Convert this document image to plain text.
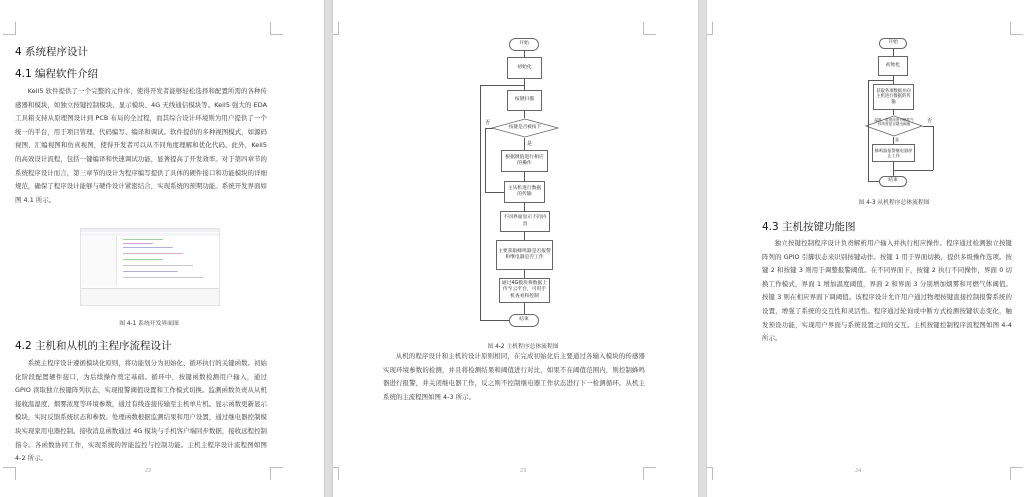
4 系统程序设计
4.1 编程软件介绍
Keil5 软件提供了一个完整的元件库，使得开发者能够轻松选择和配置所需的各种传感器和模块，如独立按键控制模块、显示模块、4G 无线通信模块等。Keil5 强大的 EDA 工具箱支持从原理图设计到 PCB 布局的全过程，而其综合设计环境则为用户提供了一个统一的平台，用于项目管理、代码编写、编译和调试。软件提供的多种视图模式，如源码视图、汇编视图和仿真视图，使得开发者可以从不同角度理解和优化代码。此外，Keil5 的高效设计流程，包括一键编译和快速调试功能，显著提高了开发效率。对于第四章节的系统程序设计而言，第三章节的设计为程序编写提供了具体的硬件接口和功能模块的详细规范，确保了程序设计能够与硬件设计紧密结合，实现系统的预期功能。系统开发界面如图 4.1 所示。
图 4-1 系统开发界面图
4.2 主机和从机的主程序流程设计
系统主程序设计遵循模块化原则，将功能划分为初始化、循环执行的关键函数。初始化阶段配置硬件接口，为后续操作奠定基础。循环中，按键函数检测用户输入，通过 GPIO 读取独立按键阵列状态，实现报警阈值设置和工作模式切换。监测函数负责从从机接收温湿度、烟雾浓度等环境参数，通过有线连接传输至主机单片机。显示函数更新显示模块，实时反馈系统状态和参数。处理函数根据监测结果和用户设置，通过继电器控制模块实现家用电器控制。接收消息函数通过 4G 模块与手机客户端同步数据，接收远程控制指令。各函数协同工作，实现系统的智能监控与控制功能。主机主程序设计流程图如图 4-2 所示。
22
开始
初始化
按键扫描
按键是否被按下
否
是
根据键值进行相应的操作
主从机进行数据的传输
不同界面显示不同内容
主要获取蜂鸣器是否报警和继电器是否工作
通过4G模块将数据上传至云平台，可用手机查看和控制
结束
图 4-2 主机程序总体流程图
从机的程序设计和主机的设计原则相同，在完成初始化后主要通过各输入模块的传感器实现环境参数的检测，并且将检测结果和阈值进行对比，如果不在阈值范围内，则控制蜂鸣器进行报警，并关闭继电器工作，反之则不控制继电器工作状态进行下一检测循环。从机主系统的主流程图如图 4-3 所示。
23
开始
初始化
获取各项数据并向主机进行数据的传输
温度、湿度浓度可燃性气体浓度是否超出阈值
否
是
蜂鸣器报警继电器停止工作
结束
图 4-3 从机程序总体流程图
4.3 主机按键功能图
独立按键控制程序设计负责解析用户输入并执行相应操作。程序通过检测独立按键阵列的 GPIO 引脚状态来识别按键动作。按键 1 用于界面切换，提供多级操作选项。按键 2 和按键 3 则用于调整报警阈值。在不同界面下，按键 2 执行不同操作，界面 0 切换工作模式，界面 1 增加温度阈值，界面 2 和界面 3 分别增加烟雾和可燃气体阈值。按键 3 则在相应界面下调阈值。该程序设计允许用户通过物理按键直接控制报警系统的设置，增强了系统的交互性和灵活性。程序通过轮询或中断方式检测按键状态变化，触发预设功能，实现用户界面与系统设置之间的交互。主机按键控制程序流程图如图 4-4 所示。
24
